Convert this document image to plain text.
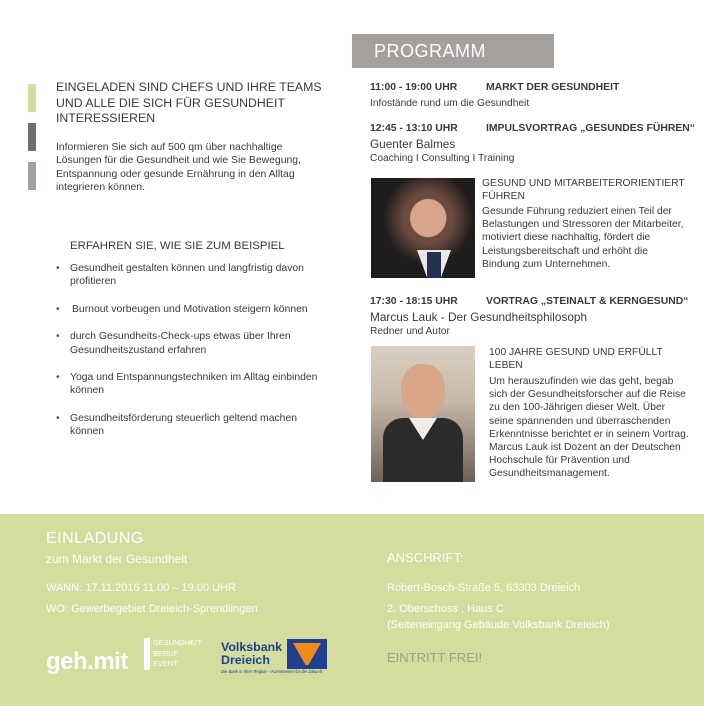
EINGELADEN SIND CHEFS UND IHRE TEAMS UND ALLE DIE SICH FÜR GESUNDHEIT INTERESSIEREN
Informieren Sie sich auf 500 qm über nachhaltige Lösungen für die Gesundheit und wie Sie Bewegung, Entspannung oder gesunde Ernährung in den Alltag integrieren können.
ERFAHREN SIE, WIE SIE ZUM BEISPIEL
• Gesundheit gestalten können und langfristig davon profitieren
• Burnout vorbeugen und Motivation steigern können
• durch Gesundheits-Check-ups etwas über Ihren Gesundheitszustand erfahren
• Yoga und Entspannungstechniken im Alltag einbinden können
• Gesundheitsförderung steuerlich geltend machen können
PROGRAMM
11:00 - 19:00 UHR	MARKT DER GESUNDHEIT
Infostände rund um die Gesundheit
12:45 - 13:10 UHR	IMPULSVORTRAG „GESUNDES FÜHREN“
Guenter Balmes
Coaching I Consulting I Training
GESUND UND MITARBEITERORIENTIERT FÜHREN
Gesunde Führung reduziert einen Teil der Belastungen und Stressoren der Mitarbeiter, motiviert diese nachhaltig, fördert die Leistungsbereitschaft und erhöht die Bindung zum Unternehmen.
17:30 - 18:15 UHR	VORTRAG „STEINALT & KERNGESUND“
Marcus Lauk - Der Gesundheitsphilosoph
Redner und Autor
100 JAHRE GESUND UND ERFÜLLT LEBEN
Um herauszufinden wie das geht, begab sich der Gesundheitsforscher auf die Reise zu den 100-Jährigen dieser Welt. Über seine spannenden und überraschenden Erkenntnisse berichtet er in seinem Vortrag. Marcus Lauk ist Dozent an der Deutschen Hochschule für Prävention und Gesundheitsmanagement.
EINLADUNG
zum Markt der Gesundheit
WANN: 17.11.2016 11.00 – 19.00 UHR
WO: Gewerbegebiet Dreieich-Sprendlingen
ANSCHRIFT:
Robert-Bosch-Straße 5, 63303 Dreieich
2. Oberschoss , Haus C
(Seiteneingang Gebäude Volksbank Dreieich)
EINTRITT FREI!
geh.mit
GESUNDHEIT
BERUF
EVENT
Volksbank
Dreieich
Die Bank in Ihrer Region – Kommenner fur die Zukunft
